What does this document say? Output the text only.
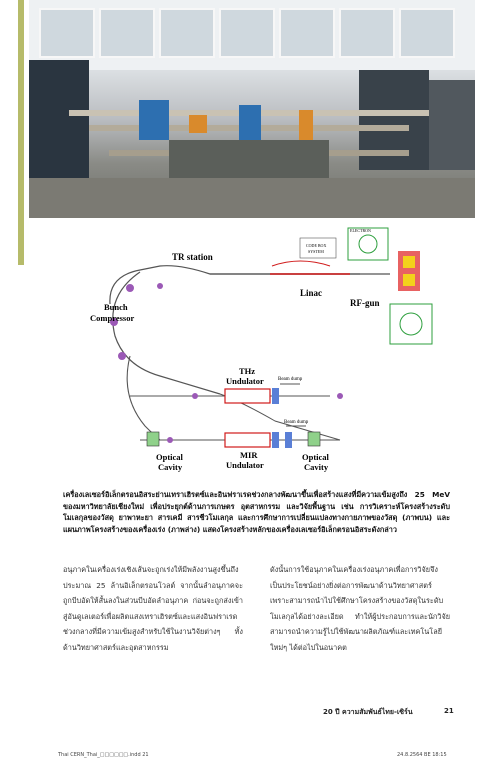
TR station
Linac
RF-gun
Bunch
Compressor
THz
Undulator
MIR
Undulator
Beam dump
Beam dump
Optical
Cavity
Optical
Cavity
CODE BOX
SYSTEM
ELECTRON
เครื่องเลเซอร์อิเล็กตรอนอิสระย่านเทราเฮิรตซ์และอินฟราเรดช่วงกลางพัฒนาขึ้นเพื่อสร้างแสงที่มีความเข้มสูงถึง 25 MeV ของมหาวิทยาลัยเชียงใหม่ เพื่อประยุกต์ด้านการเกษตร อุตสาหกรรม และวิจัยพื้นฐาน เช่น การวิเคราะห์โครงสร้างระดับโมเลกุลของวัสดุ ยาพาหะยา สารเคมี สารชีวโมเลกุล และการศึกษาการเปลี่ยนแปลงทางกายภาพของวัสดุ (ภาพบน) และแผนภาพโครงสร้างของเครื่องเร่ง (ภาพล่าง) แสดงโครงสร้างหลักของเครื่องเลเซอร์อิเล็กตรอนอิสระดังกล่าว
อนุภาคในเครื่องเร่งเชิงเส้นจะถูกเร่งให้มีพลังงานสูงขึ้นถึงประมาณ 25 ล้านอิเล็กตรอนโวลต์ จากนั้นลำอนุภาคจะถูกบีบอัดให้สั้นลงในส่วนบีบอัดลำอนุภาค ก่อนจะถูกส่งเข้าสู่อันดูเลเตอร์เพื่อผลิตแสงเทราเฮิรตซ์และแสงอินฟราเรดช่วงกลางที่มีความเข้มสูงสำหรับใช้ในงานวิจัยต่างๆ ทั้งด้านวิทยาศาสตร์และอุตสาหกรรม
ดังนั้นการใช้อนุภาคในเครื่องเร่งอนุภาคเพื่อการวิจัยจึงเป็นประโยชน์อย่างยิ่งต่อการพัฒนาด้านวิทยาศาสตร์ เพราะสามารถนำไปใช้ศึกษาโครงสร้างของวัสดุในระดับโมเลกุลได้อย่างละเอียด ทำให้ผู้ประกอบการและนักวิจัยสามารถนำความรู้ไปใช้พัฒนาผลิตภัณฑ์และเทคโนโลยีใหม่ๆ ได้ต่อไปในอนาคต
20 ปี ความสัมพันธ์ไทย-เซิร์น	21
Thai CERN_Thai_□□□□□□.indd 21	24.8.2564 BE 18:15
